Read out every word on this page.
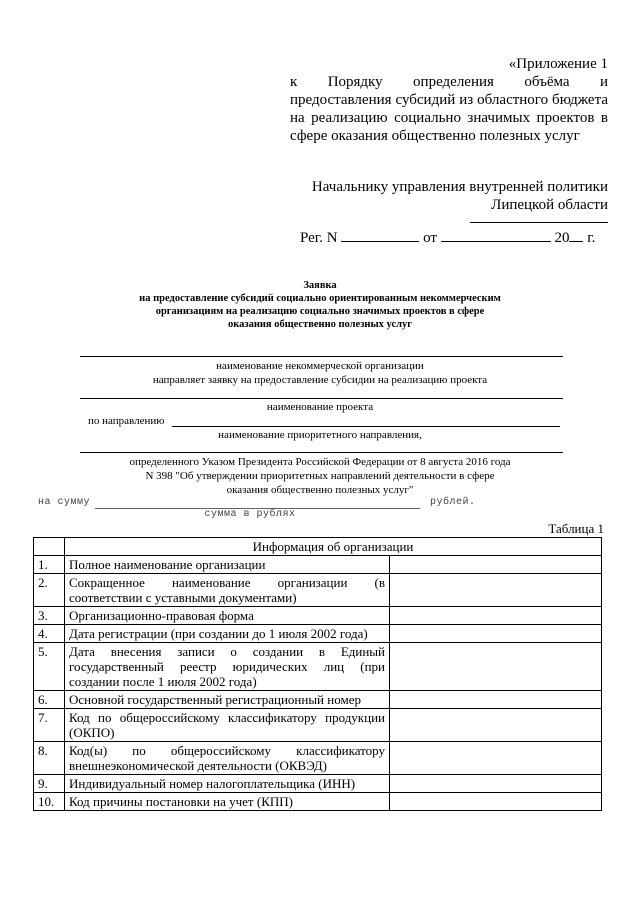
«Приложение 1
к Порядку определения объёма и
предоставления субсидий из областного бюджета
на реализацию социально значимых проектов в
сфере оказания общественно полезных услуг
Начальнику управления внутренней политики
Липецкой области
Рег. N	от	20 г.
Заявка
на предоставление субсидий социально ориентированным некоммерческим
организациям на реализацию социально значимых проектов в сфере
оказания общественно полезных услуг
наименование некоммерческой организации
направляет заявку на предоставление субсидии на реализацию проекта
наименование проекта
по направлению
наименование приоритетного направления,
определенного Указом Президента Российской Федерации от 8 августа 2016 года
N 398 "Об утверждении приоритетных направлений деятельности в сфере
оказания общественно полезных услуг"
на сумму	рублей.
сумма в рублях
Таблица 1
	Информация об организации	
1.	Полное наименование организации	
2.	Сокращенное наименование организации (в соответствии с уставными документами)	
3.	Организационно-правовая форма	
4.	Дата регистрации (при создании до 1 июля 2002 года)	
5.	Дата внесения записи о создании в Единый государственный реестр юридических лиц (при создании после 1 июля 2002 года)	
6.	Основной государственный регистрационный номер	
7.	Код по общероссийскому классификатору продукции (ОКПО)	
8.	Код(ы) по общероссийскому классификатору внешнеэкономической деятельности (ОКВЭД)	
9.	Индивидуальный номер налогоплательщика (ИНН)	
10.	Код причины постановки на учет (КПП)	
